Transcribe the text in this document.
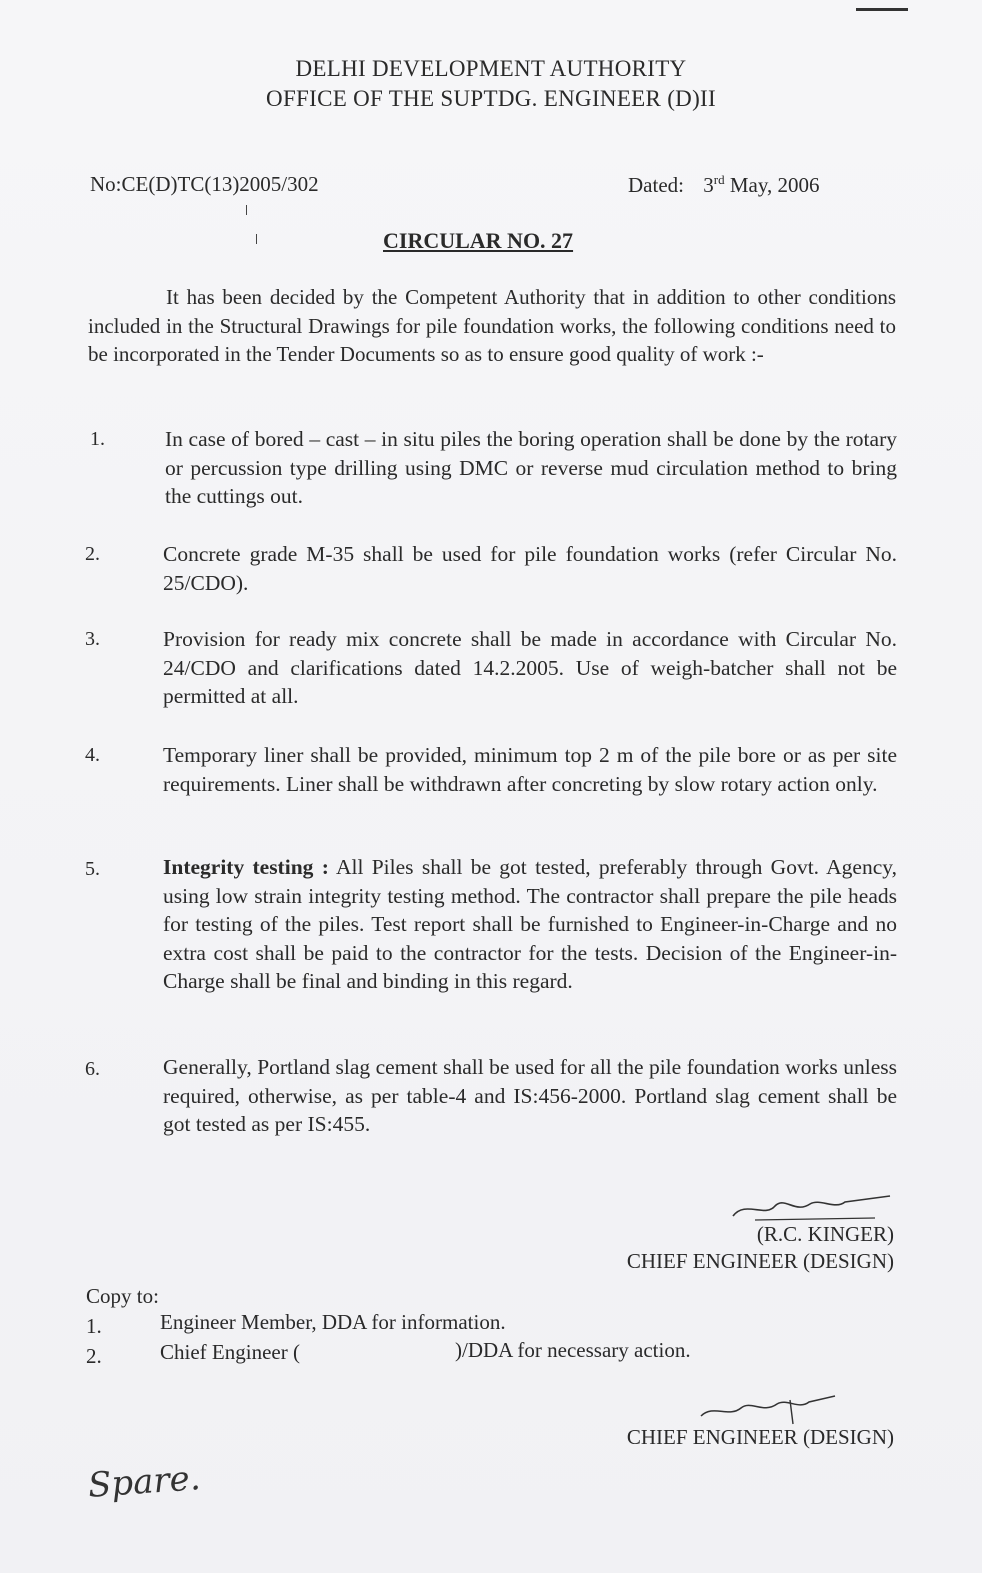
DELHI DEVELOPMENT AUTHORITY
OFFICE OF THE SUPTDG. ENGINEER (D)II
No:CE(D)TC(13)2005/302	Dated: 3rd May, 2006
CIRCULAR NO. 27
It has been decided by the Competent Authority that in addition to other conditions included in the Structural Drawings for pile foundation works, the following conditions need to be incorporated in the Tender Documents so as to ensure good quality of work :-
1.	In case of bored – cast – in situ piles the boring operation shall be done by the rotary or percussion type drilling using DMC or reverse mud circulation method to bring the cuttings out.
2.	Concrete grade M-35 shall be used for pile foundation works (refer Circular No. 25/CDO).
3.	Provision for ready mix concrete shall be made in accordance with Circular No. 24/CDO and clarifications dated 14.2.2005. Use of weigh-batcher shall not be permitted at all.
4.	Temporary liner shall be provided, minimum top 2 m of the pile bore or as per site requirements. Liner shall be withdrawn after concreting by slow rotary action only.
5.	Integrity testing : All Piles shall be got tested, preferably through Govt. Agency, using low strain integrity testing method. The contractor shall prepare the pile heads for testing of the piles. Test report shall be furnished to Engineer-in-Charge and no extra cost shall be paid to the contractor for the tests. Decision of the Engineer-in-Charge shall be final and binding in this regard.
6.	Generally, Portland slag cement shall be used for all the pile foundation works unless required, otherwise, as per table-4 and IS:456-2000. Portland slag cement shall be got tested as per IS:455.
(R.C. KINGER)
CHIEF ENGINEER (DESIGN)
Copy to:
1.	Engineer Member, DDA for information.
2.	Chief Engineer (	)/DDA for necessary action.
CHIEF ENGINEER (DESIGN)
Spare.
